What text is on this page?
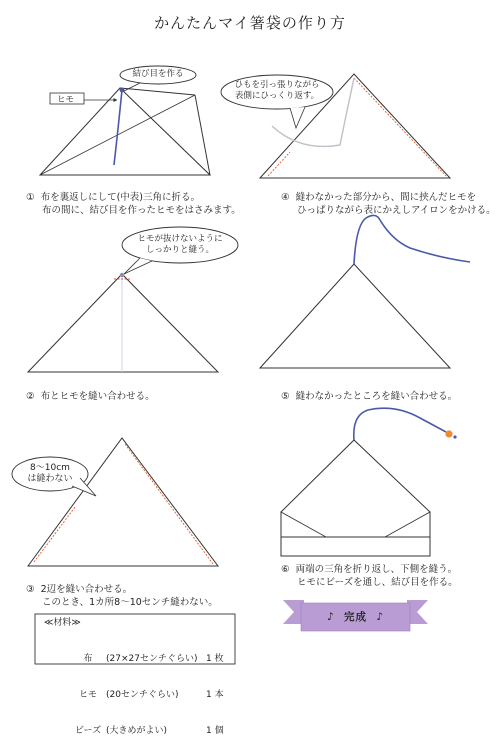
かんたんマイ箸袋の作り方
結び目を作る
ヒモ
ひもを引っ張りながら
表側にひっくり返す。
ヒモが抜けないように
しっかりと縫う。
8～10cm
は縫わない
① 布を裏返しにして(中表)三角に折る。
布の間に、結び目を作ったヒモをはさみます。
④ 縫わなかった部分から、間に挟んだヒモを
ひっぱりながら表にかえしアイロンをかける。
② 布とヒモを縫い合わせる。	⑤ 縫わなかったところを縫い合わせる。
③ 2辺を縫い合わせる。
このとき、1カ所8～10センチ縫わない。
⑥ 両端の三角を折り返し、下側を縫う。
ヒモにビーズを通し、結び目を作る。
≪材料≫

布 (27×27センチぐらい) 1 枚

ヒモ (20センチぐらい)	1 本

ビーズ (大きめがよい)	1 個

♪ 完成 ♪
